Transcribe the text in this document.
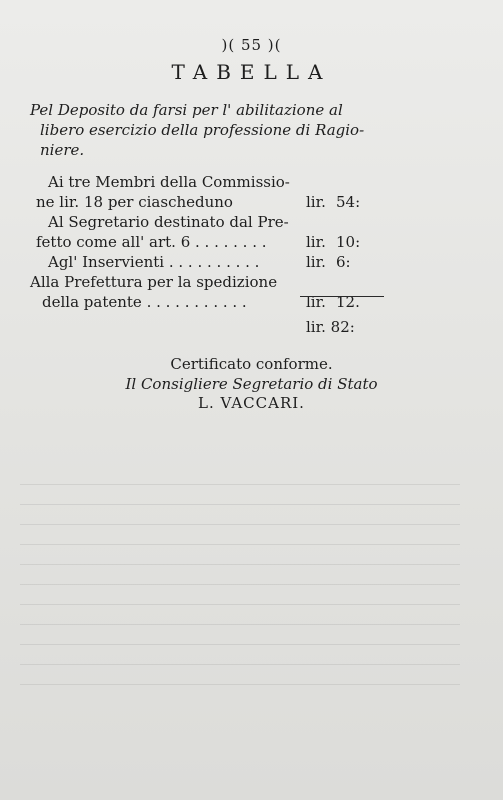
)( 55 )(
TABELLA
Pel Deposito da farsi per l' abilitazione al
libero esercizio della professione di Ragio-
niere.
Ai tre Membri della Commissio-
ne lir. 18 per ciascheduno	lir. 54:
Al Segretario destinato dal Pre-
fetto come all' art. 6 . . . . . . . .	lir. 10:
Agl' Inservienti . . . . . . . . . .	lir. 6:
Alla Prefettura per la spedizione
della patente . . . . . . . . . . .	lir. 12.
lir. 82:
Certificato conforme.
Il Consigliere Segretario di Stato
L. VACCARI.
